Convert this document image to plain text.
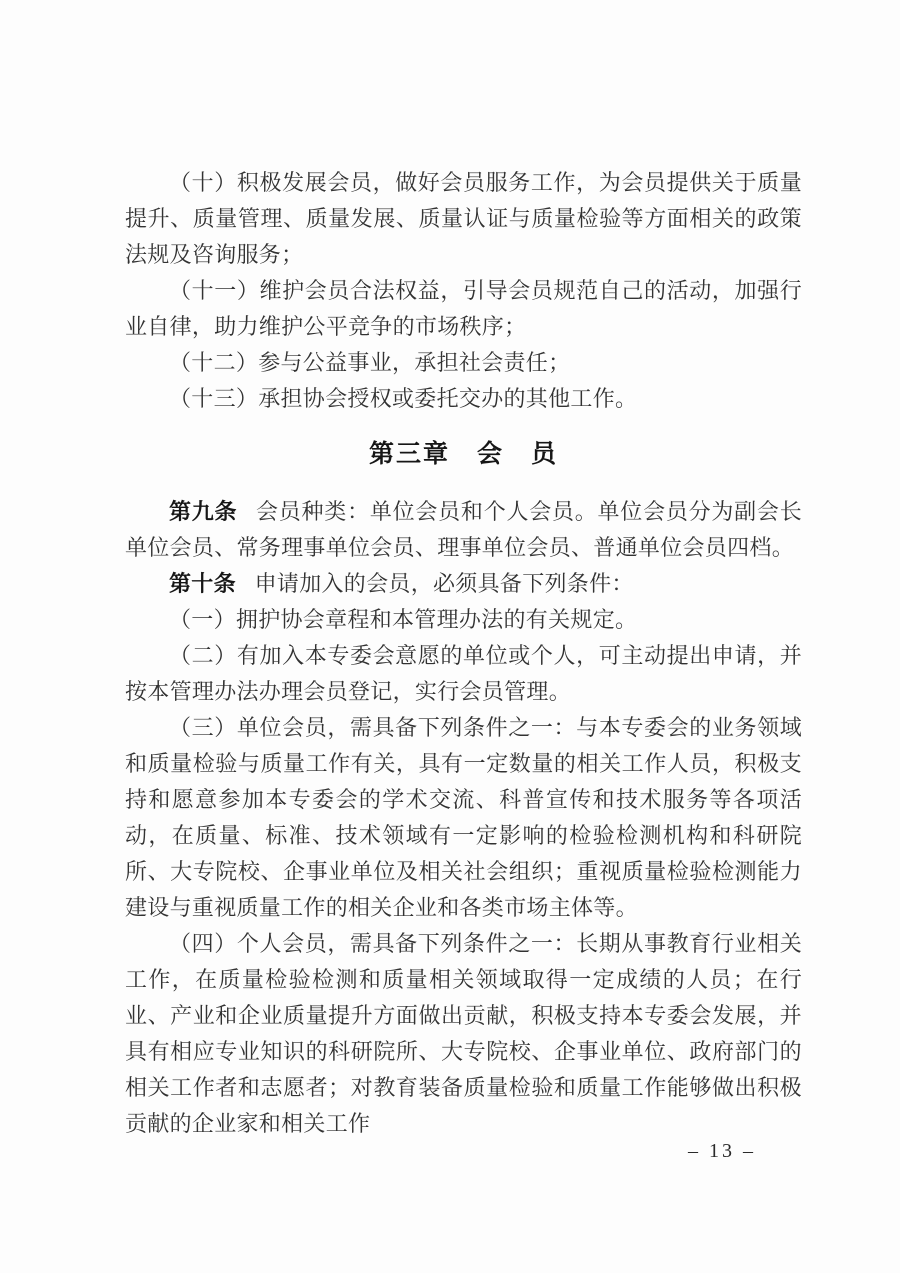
（十）积极发展会员，做好会员服务工作，为会员提供关于质量提升、质量管理、质量发展、质量认证与质量检验等方面相关的政策法规及咨询服务；

（十一）维护会员合法权益，引导会员规范自己的活动，加强行业自律，助力维护公平竞争的市场秩序；

（十二）参与公益事业，承担社会责任；

（十三）承担协会授权或委托交办的其他工作。

第三章　会　员

第九条 会员种类：单位会员和个人会员。单位会员分为副会长单位会员、常务理事单位会员、理事单位会员、普通单位会员四档。

第十条 申请加入的会员，必须具备下列条件：

（一）拥护协会章程和本管理办法的有关规定。

（二）有加入本专委会意愿的单位或个人，可主动提出申请，并按本管理办法办理会员登记，实行会员管理。

（三）单位会员，需具备下列条件之一：与本专委会的业务领域和质量检验与质量工作有关，具有一定数量的相关工作人员，积极支持和愿意参加本专委会的学术交流、科普宣传和技术服务等各项活动，在质量、标准、技术领域有一定影响的检验检测机构和科研院所、大专院校、企事业单位及相关社会组织；重视质量检验检测能力建设与重视质量工作的相关企业和各类市场主体等。

（四）个人会员，需具备下列条件之一：长期从事教育行业相关工作，在质量检验检测和质量相关领域取得一定成绩的人员；在行业、产业和企业质量提升方面做出贡献，积极支持本专委会发展，并具有相应专业知识的科研院所、大专院校、企事业单位、政府部门的相关工作者和志愿者；对教育装备质量检验和质量工作能够做出积极贡献的企业家和相关工作

– 13 –
